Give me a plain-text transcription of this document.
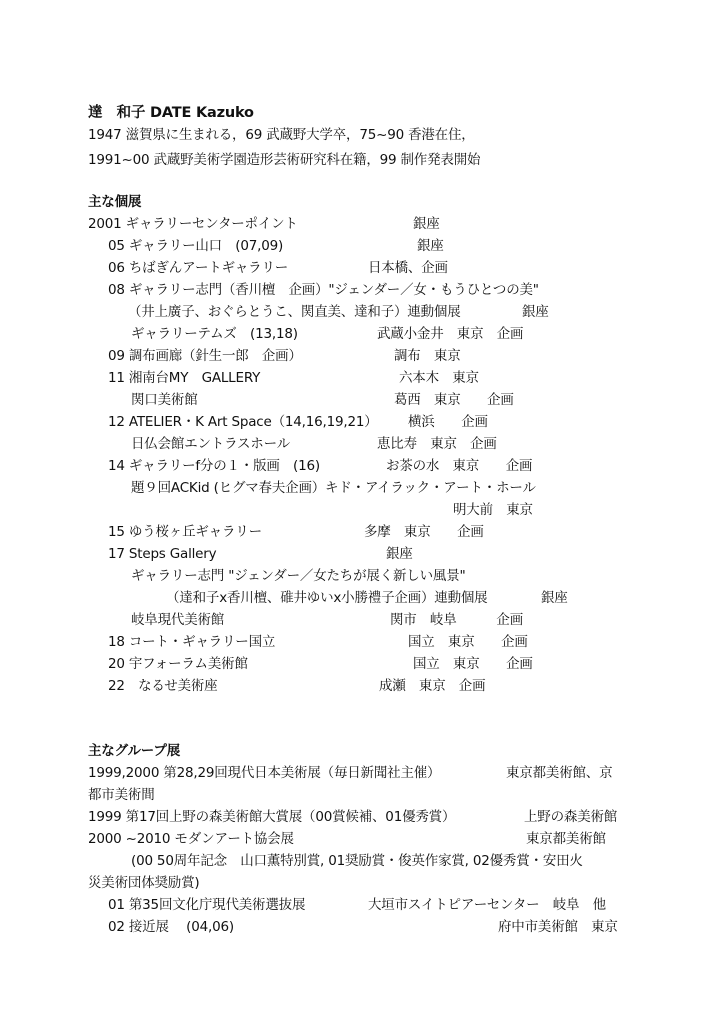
達　和子 DATE Kazuko
1947 滋賀県に生まれる，69 武蔵野大学卒，75~90 香港在住，
1991~00 武蔵野美術学園造形芸術研究科在籍，99 制作発表開始
主な個展
2001 ギャラリーセンターポイント	銀座
05 ギャラリー山口　(07,09)	銀座
06 ちばぎんアートギャラリー	日本橋、企画
08 ギャラリー志門（香川檀　企画）"ジェンダー／女・もうひとつの美"
（井上廣子、おぐらとうこ、関直美、達和子）連動個展	銀座
ギャラリーテムズ　(13,18)	武蔵小金井　東京　企画
09 調布画廊（針生一郎　企画）	調布　東京
11 湘南台MY　GALLERY	六本木　東京
関口美術館	葛西　東京　　企画
12 ATELIER・K Art Space（14,16,19,21） 横浜　　企画
日仏会館エントラスホール	恵比寿　東京　企画
14 ギャラリーf分の１・版画　(16)	お茶の水　東京　　企画
題９回ACKid (ヒグマ春夫企画）キド・アイラック・アート・ホール
明大前　東京
15 ゆう桜ヶ丘ギャラリー	多摩　東京　　企画
17 Steps Gallery	銀座
ギャラリー志門 "ジェンダー／女たちが展く新しい風景"
（達和子x香川檀、碓井ゆいx小勝禮子企画）連動個展	銀座
岐阜現代美術館	関市　岐阜　　　企画
18 コート・ギャラリー国立	国立　東京　　企画
20 宇フォーラム美術館	国立　東京　　企画
22　なるせ美術座	成瀬　東京　企画
主なグループ展
1999,2000 第28,29回現代日本美術展（毎日新聞社主催）	東京都美術館、京
都市美術間
1999 第17回上野の森美術館大賞展（00賞候補、01優秀賞）	上野の森美術館
2000 ~2010 モダンアート協会展	東京都美術館
(00 50周年記念　山口薫特別賞, 01奨励賞・俊英作家賞, 02優秀賞・安田火
災美術団体奨励賞)
01 第35回文化庁現代美術選抜展	大垣市スイトピアーセンター　岐阜　他
02 接近展　 (04,06)	府中市美術館　東京
